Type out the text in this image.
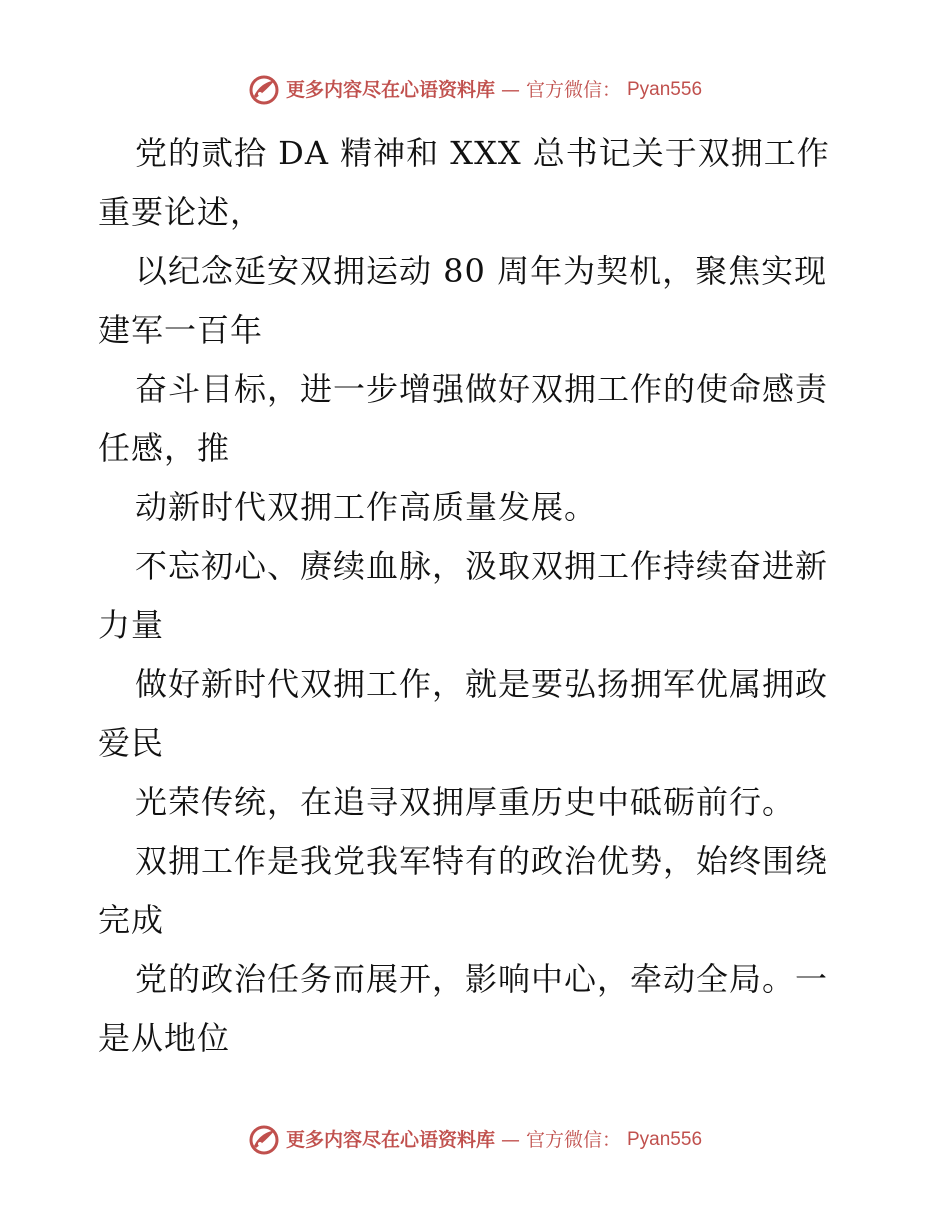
更多内容尽在心语资料库 — 官方微信： Pyan556

党的贰拾 DA 精神和 XXX 总书记关于双拥工作重要论述，

以纪念延安双拥运动 80 周年为契机，聚焦实现建军一百年

奋斗目标，进一步增强做好双拥工作的使命感责任感，推

动新时代双拥工作高质量发展。

不忘初心、赓续血脉，汲取双拥工作持续奋进新力量

做好新时代双拥工作，就是要弘扬拥军优属拥政爱民

光荣传统，在追寻双拥厚重历史中砥砺前行。

双拥工作是我党我军特有的政治优势，始终围绕完成

党的政治任务而展开，影响中心，牵动全局。一是从地位

更多内容尽在心语资料库 — 官方微信： Pyan556
